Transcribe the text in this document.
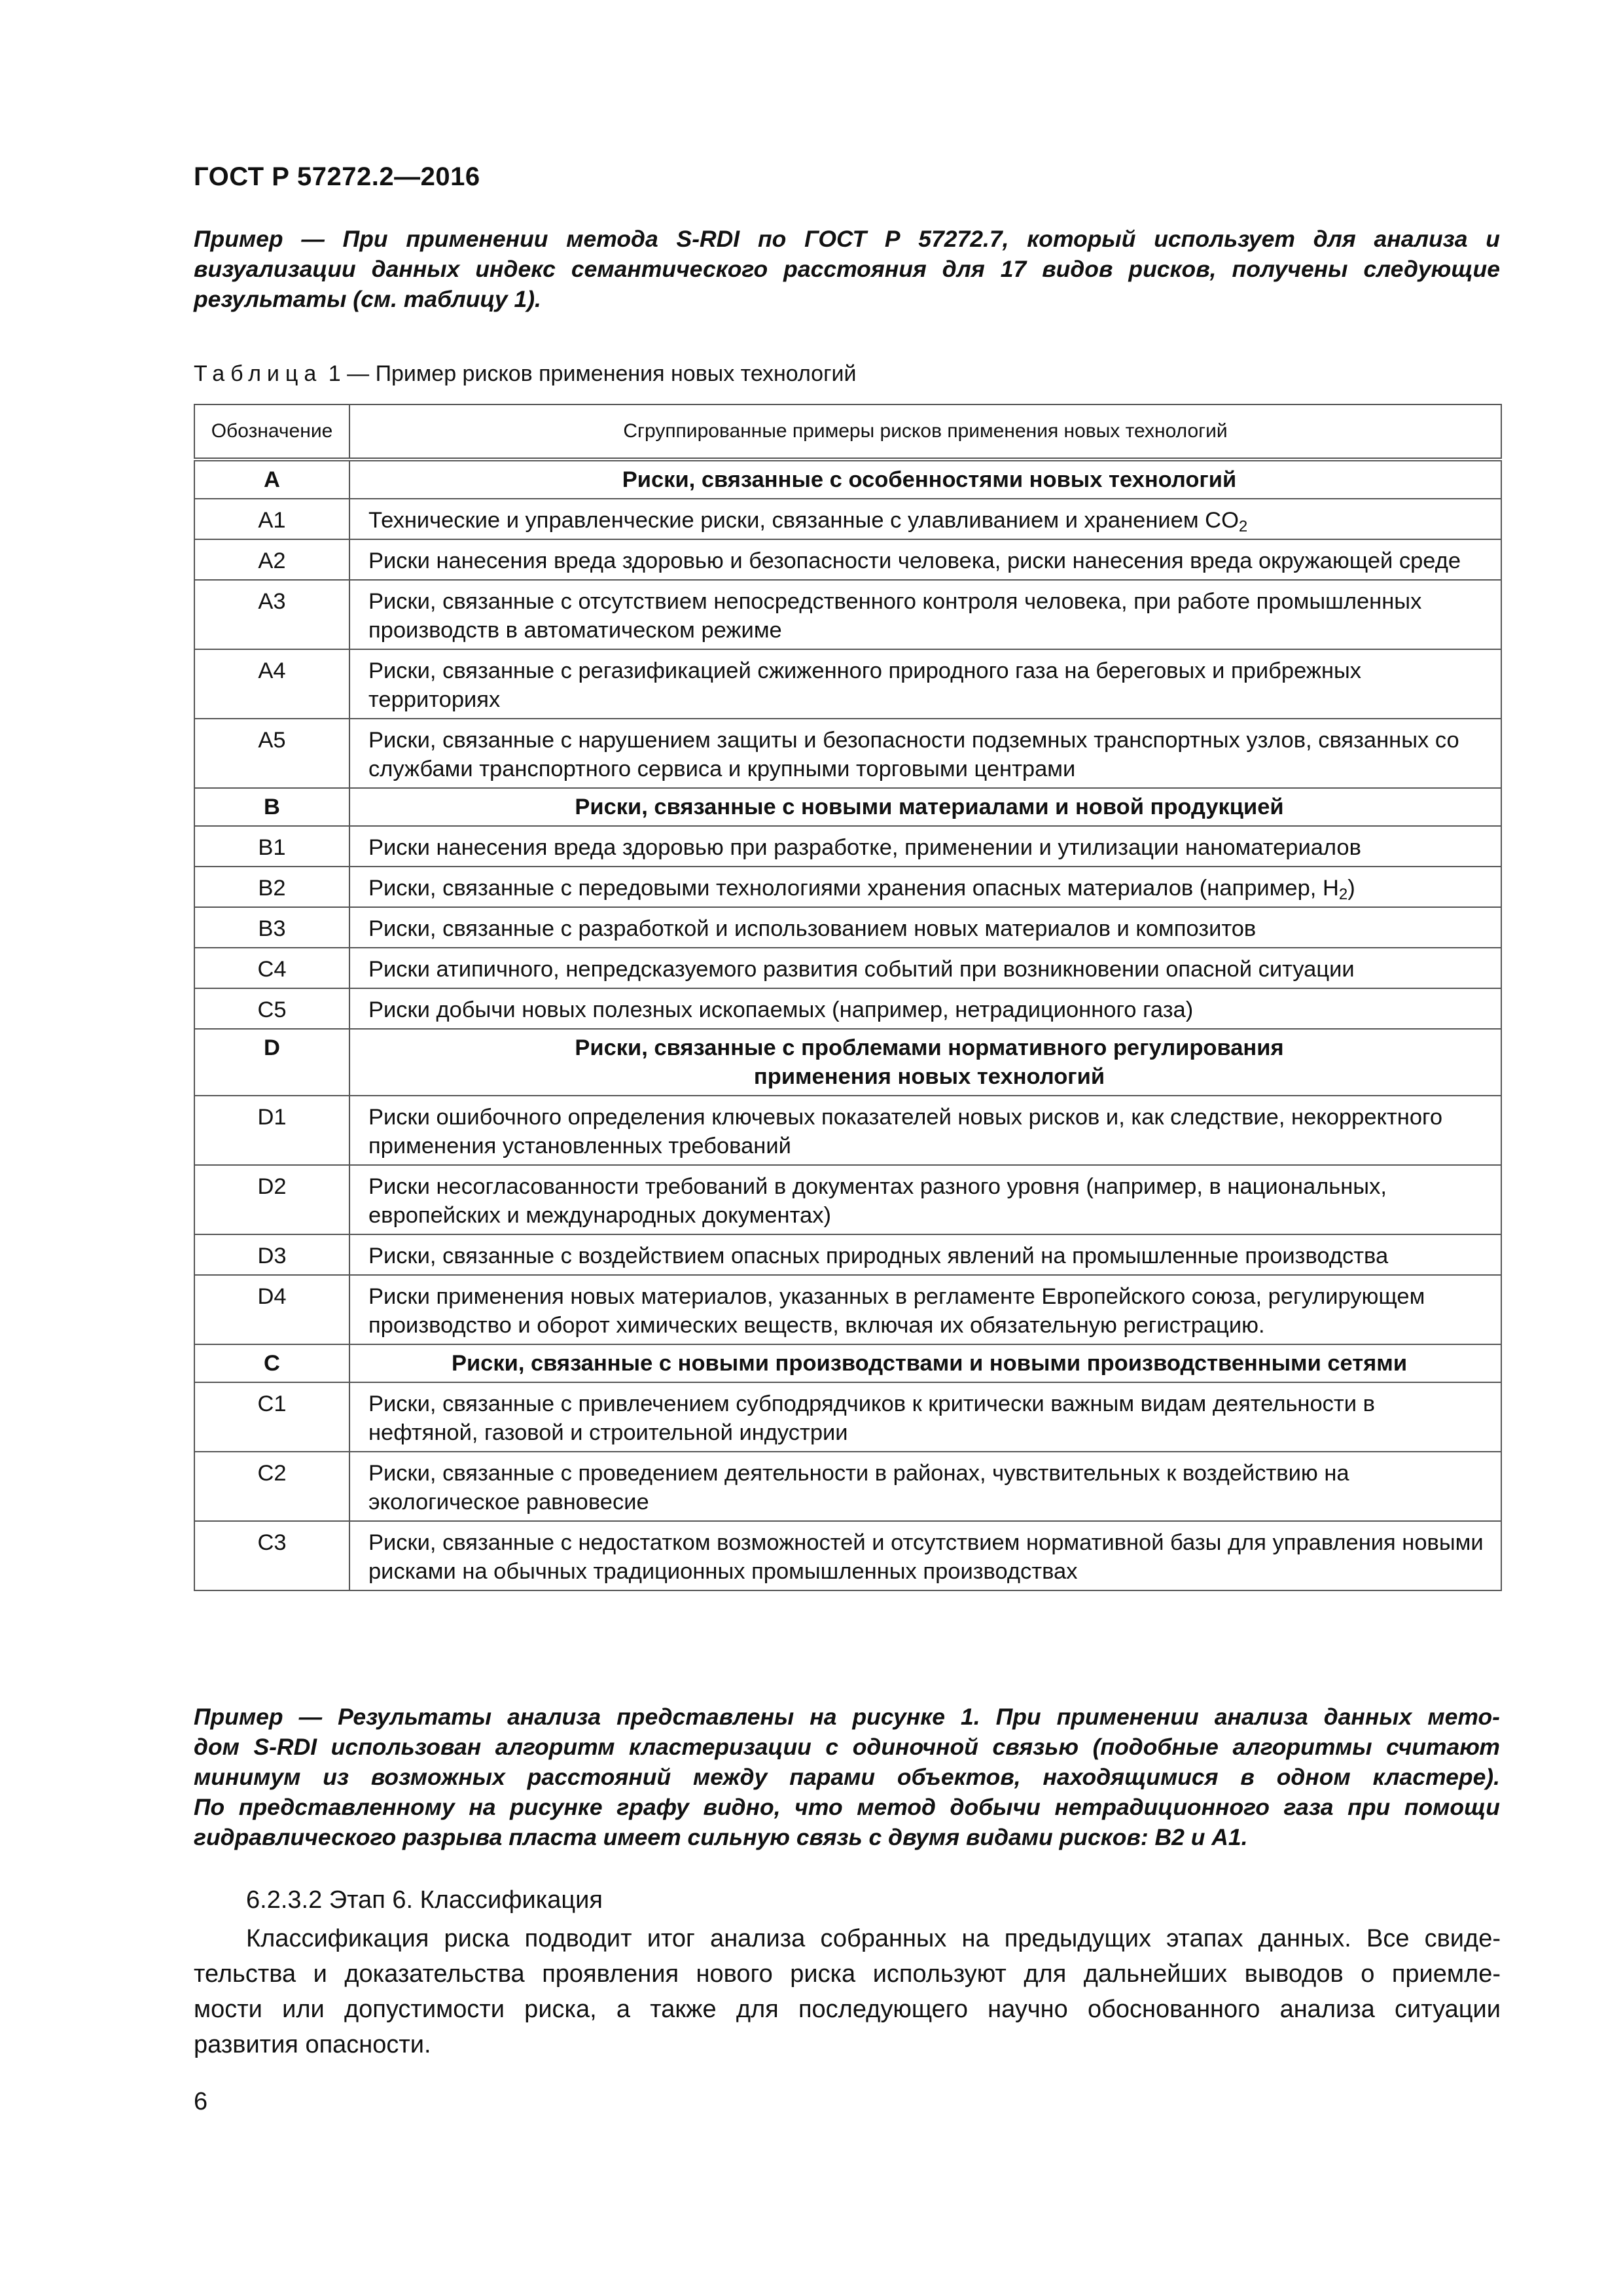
ГОСТ Р 57272.2—2016
Пример — При применении метода S-RDI по ГОСТ Р 57272.7, который использует для анализа и
визуализации данных индекс семантического расстояния для 17 видов рисков, получены следующие
результаты (см. таблицу 1).
Таблица 1 — Пример рисков применения новых технологий
Обозначение	Сгруппированные примеры рисков применения новых технологий
A	Риски, связанные с особенностями новых технологий
A1	Технические и управленческие риски, связанные с улавливанием и хранением $CO_2$
A2	Риски нанесения вреда здоровью и безопасности человека, риски нанесения вреда окружающей среде
A3	Риски, связанные с отсутствием непосредственного контроля человека, при работе промышленных производств в автоматическом режиме
A4	Риски, связанные с регазификацией сжиженного природного газа на береговых и прибрежных территориях
A5	Риски, связанные с нарушением защиты и безопасности подземных транспортных узлов, связанных со службами транспортного сервиса и крупными торговыми центрами
B	Риски, связанные с новыми материалами и новой продукцией
B1	Риски нанесения вреда здоровью при разработке, применении и утилизации наноматериалов
B2	Риски, связанные с передовыми технологиями хранения опасных материалов (например, $H_2$)
B3	Риски, связанные с разработкой и использованием новых материалов и композитов
C4	Риски атипичного, непредсказуемого развития событий при возникновении опасной ситуации
C5	Риски добычи новых полезных ископаемых (например, нетрадиционного газа)
D	Риски, связанные с проблемами нормативного регулирования
применения новых технологий
D1	Риски ошибочного определения ключевых показателей новых рисков и, как следствие, некорректного применения установленных требований
D2	Риски несогласованности требований в документах разного уровня (например, в национальных, европейских и международных документах)
D3	Риски, связанные с воздействием опасных природных явлений на промышленные производства
D4	Риски применения новых материалов, указанных в регламенте Европейского союза, регулирующем производство и оборот химических веществ, включая их обязательную регистрацию.
C	Риски, связанные с новыми производствами и новыми производственными сетями
C1	Риски, связанные с привлечением субподрядчиков к критически важным видам деятельности в нефтяной, газовой и строительной индустрии
C2	Риски, связанные с проведением деятельности в районах, чувствительных к воздействию на экологическое равновесие
C3	Риски, связанные с недостатком возможностей и отсутствием нормативной базы для управления новыми рисками на обычных традиционных промышленных производствах
Пример — Результаты анализа представлены на рисунке 1. При применении анализа данных мето-
дом S-RDI использован алгоритм кластеризации с одиночной связью (подобные алгоритмы считают
минимум из возможных расстояний между парами объектов, находящимися в одном кластере).
По представленному на рисунке графу видно, что метод добычи нетрадиционного газа при помощи
гидравлического разрыва пласта имеет сильную связь с двумя видами рисков: B2 и A1.
6.2.3.2 Этап 6. Классификация
Классификация риска подводит итог анализа собранных на предыдущих этапах данных. Все свиде-
тельства и доказательства проявления нового риска используют для дальнейших выводов о приемле-
мости или допустимости риска, а также для последующего научно обоснованного анализа ситуации
развития опасности.
6
